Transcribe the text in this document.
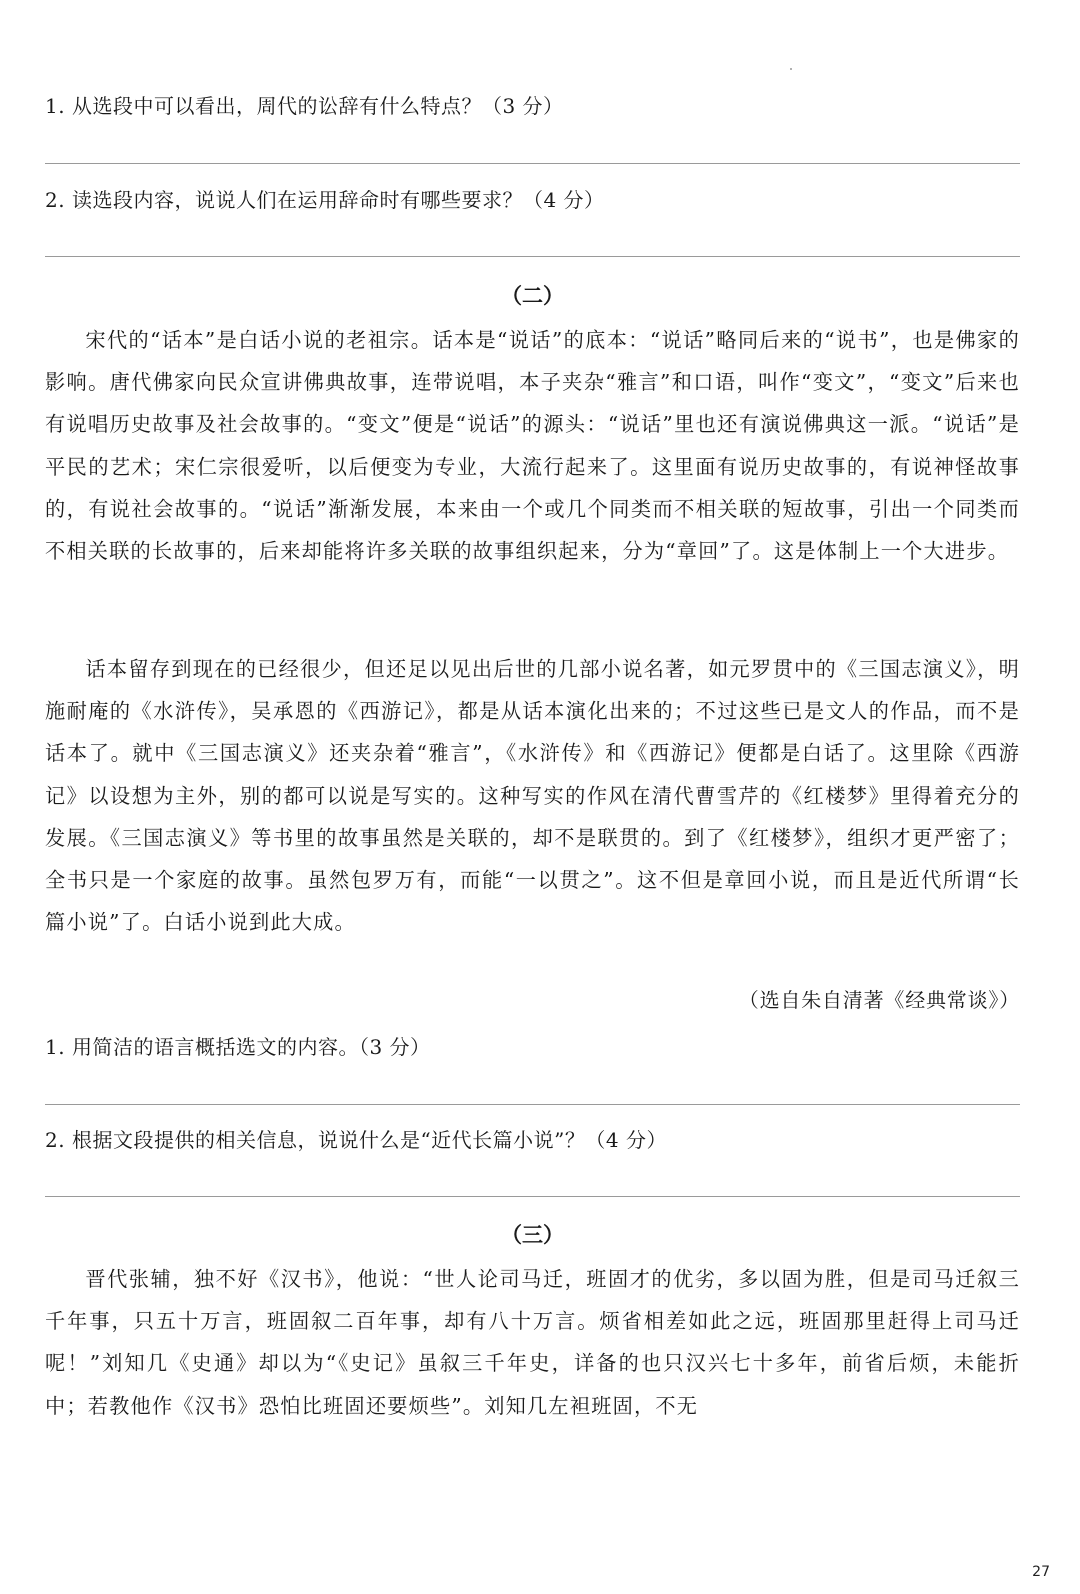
1. 从选段中可以看出，周代的讼辞有什么特点？（3 分）
2. 读选段内容，说说人们在运用辞命时有哪些要求？（4 分）
（二）

宋代的“话本”是白话小说的老祖宗。话本是“说话”的底本：“说话”略同后来的“说书”，也是佛家的影响。唐代佛家向民众宣讲佛典故事，连带说唱，本子夹杂“雅言”和口语，叫作“变文”，“变文”后来也有说唱历史故事及社会故事的。“变文”便是“说话”的源头：“说话”里也还有演说佛典这一派。“说话”是平民的艺术；宋仁宗很爱听，以后便变为专业，大流行起来了。这里面有说历史故事的，有说神怪故事的，有说社会故事的。“说话”渐渐发展，本来由一个或几个同类而不相关联的短故事，引出一个同类而不相关联的长故事的，后来却能将许多关联的故事组织起来，分为“章回”了。这是体制上一个大进步。

话本留存到现在的已经很少，但还足以见出后世的几部小说名著，如元罗贯中的《三国志演义》，明施耐庵的《水浒传》，吴承恩的《西游记》，都是从话本演化出来的；不过这些已是文人的作品，而不是话本了。就中《三国志演义》还夹杂着“雅言”，《水浒传》和《西游记》便都是白话了。这里除《西游记》以设想为主外，别的都可以说是写实的。这种写实的作风在清代曹雪芹的《红楼梦》里得着充分的发展。《三国志演义》等书里的故事虽然是关联的，却不是联贯的。到了《红楼梦》，组织才更严密了；全书只是一个家庭的故事。虽然包罗万有，而能“一以贯之”。这不但是章回小说，而且是近代所谓“长篇小说”了。白话小说到此大成。

（选自朱自清著《经典常谈》）
1. 用简洁的语言概括选文的内容。（3 分）
2. 根据文段提供的相关信息，说说什么是“近代长篇小说”？（4 分）
（三）

晋代张辅，独不好《汉书》，他说：“世人论司马迁，班固才的优劣，多以固为胜，但是司马迁叙三千年事，只五十万言，班固叙二百年事，却有八十万言。烦省相差如此之远，班固那里赶得上司马迁呢！”刘知几《史通》却以为“《史记》虽叙三千年史，详备的也只汉兴七十多年，前省后烦，未能折中；若教他作《汉书》恐怕比班固还要烦些”。刘知几左袒班固，不无

27
